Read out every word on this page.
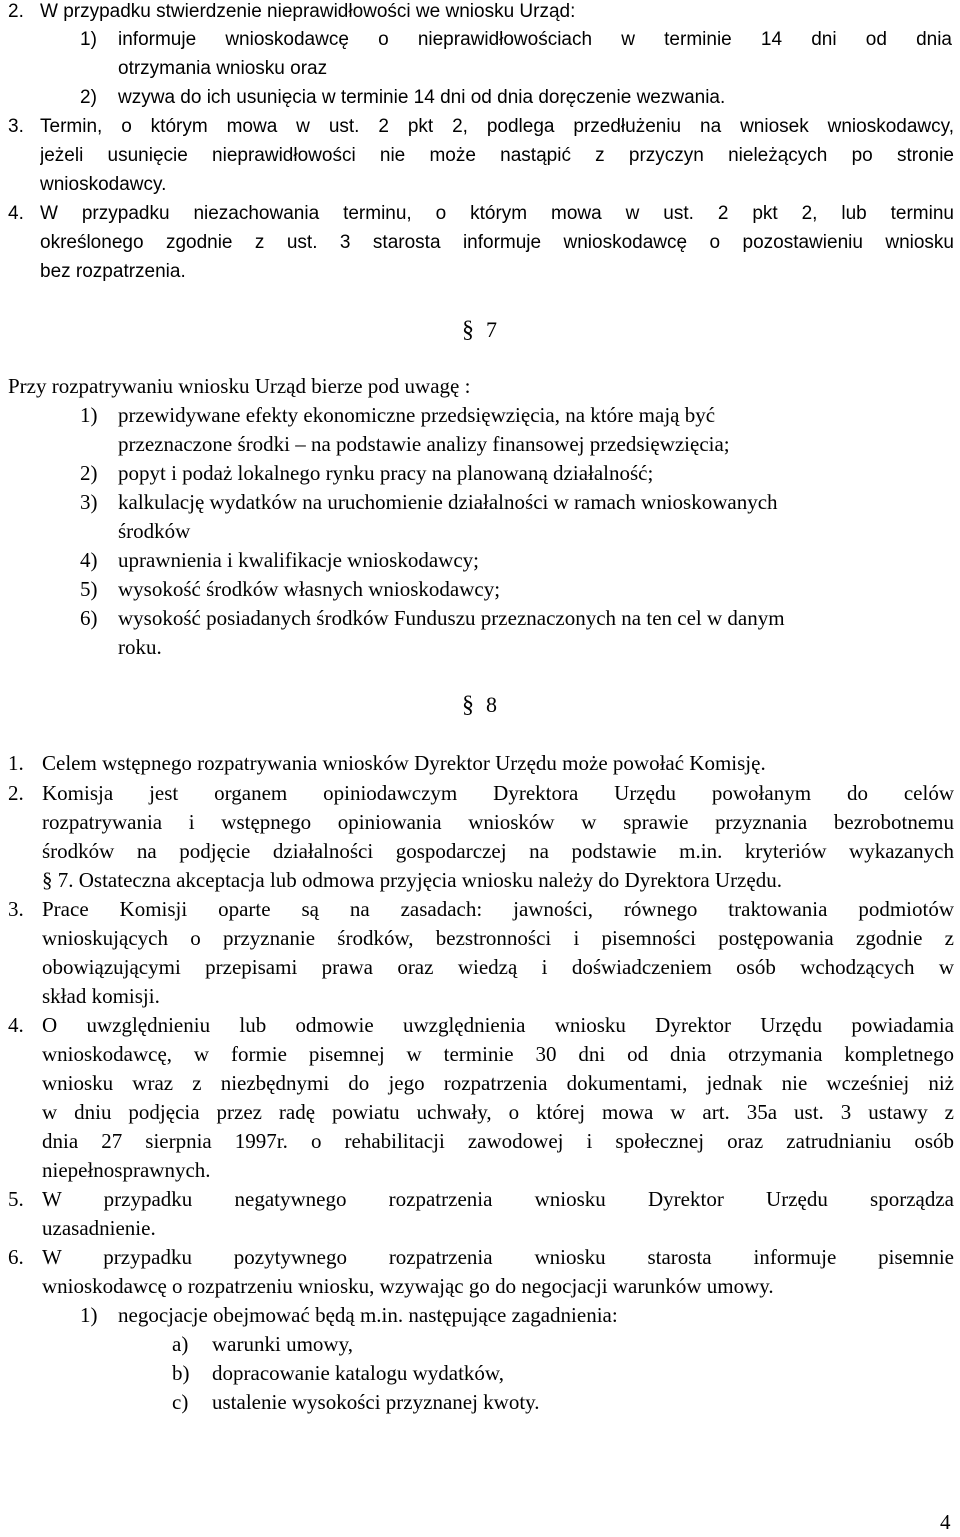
2. W przypadku stwierdzenie nieprawidłowości we wniosku Urząd:
1) informuje wnioskodawcę o nieprawidłowościach w terminie 14 dni od dnia
otrzymania wniosku oraz
2) wzywa do ich usunięcia w terminie 14 dni od dnia doręczenie wezwania.
3. Termin, o którym mowa w ust. 2 pkt 2, podlega przedłużeniu na wniosek wnioskodawcy,
jeżeli usunięcie nieprawidłowości nie może nastąpić z przyczyn nieleżących po stronie
wnioskodawcy.
4. W przypadku niezachowania terminu, o którym mowa w ust. 2 pkt 2, lub terminu
określonego zgodnie z ust. 3 starosta informuje wnioskodawcę o pozostawieniu wniosku
bez rozpatrzenia.
§ 7
Przy rozpatrywaniu wniosku Urząd bierze pod uwagę :
1) przewidywane efekty ekonomiczne przedsięwzięcia, na które mają być
przeznaczone środki – na podstawie analizy finansowej przedsięwzięcia;
2) popyt i podaż lokalnego rynku pracy na planowaną działalność;
3) kalkulację wydatków na uruchomienie działalności w ramach wnioskowanych
środków
4) uprawnienia i kwalifikacje wnioskodawcy;
5) wysokość środków własnych wnioskodawcy;
6) wysokość posiadanych środków Funduszu przeznaczonych na ten cel w danym
roku.
§ 8
1. Celem wstępnego rozpatrywania wniosków Dyrektor Urzędu może powołać Komisję.
2. Komisja jest organem opiniodawczym Dyrektora Urzędu powołanym do celów
rozpatrywania i wstępnego opiniowania wniosków w sprawie przyznania bezrobotnemu
środków na podjęcie działalności gospodarczej na podstawie m.in. kryteriów wykazanych
§ 7. Ostateczna akceptacja lub odmowa przyjęcia wniosku należy do Dyrektora Urzędu.
3. Prace Komisji oparte są na zasadach: jawności, równego traktowania podmiotów
wnioskujących o przyznanie środków, bezstronności i pisemności postępowania zgodnie z
obowiązującymi przepisami prawa oraz wiedzą i doświadczeniem osób wchodzących w
skład komisji.
4. O uwzględnieniu lub odmowie uwzględnienia wniosku Dyrektor Urzędu powiadamia
wnioskodawcę, w formie pisemnej w terminie 30 dni od dnia otrzymania kompletnego
wniosku wraz z niezbędnymi do jego rozpatrzenia dokumentami, jednak nie wcześniej niż
w dniu podjęcia przez radę powiatu uchwały, o której mowa w art. 35a ust. 3 ustawy z
dnia 27 sierpnia 1997r. o rehabilitacji zawodowej i społecznej oraz zatrudnianiu osób
niepełnosprawnych.
5. W przypadku negatywnego rozpatrzenia wniosku Dyrektor Urzędu sporządza
uzasadnienie.
6. W przypadku pozytywnego rozpatrzenia wniosku starosta informuje pisemnie
wnioskodawcę o rozpatrzeniu wniosku, wzywając go do negocjacji warunków umowy.
1) negocjacje obejmować będą m.in. następujące zagadnienia:
a) warunki umowy,
b) dopracowanie katalogu wydatków,
c) ustalenie wysokości przyznanej kwoty.
4
